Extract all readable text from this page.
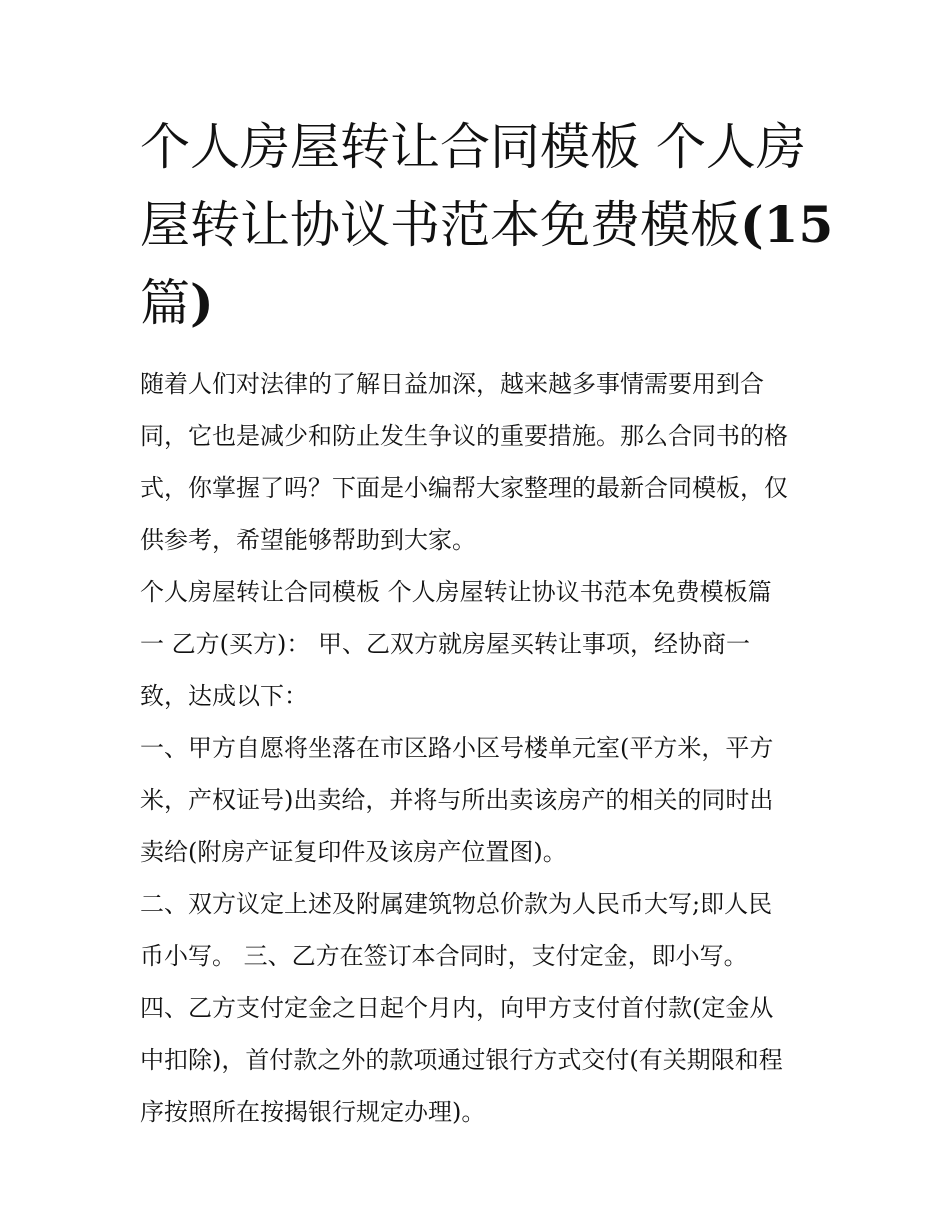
个人房屋转让合同模板 个人房
屋转让协议书范本免费模板(15
篇)
随着人们对法律的了解日益加深，越来越多事情需要用到合
同，它也是减少和防止发生争议的重要措施。那么合同书的格
式，你掌握了吗？下面是小编帮大家整理的最新合同模板，仅
供参考，希望能够帮助到大家。
个人房屋转让合同模板 个人房屋转让协议书范本免费模板篇
一 乙方(买方)： 甲、乙双方就房屋买转让事项，经协商一
致，达成以下：
一、甲方自愿将坐落在市区路小区号楼单元室(平方米，平方
米，产权证号)出卖给，并将与所出卖该房产的相关的同时出
卖给(附房产证复印件及该房产位置图)。
二、双方议定上述及附属建筑物总价款为人民币大写;即人民
币小写。 三、乙方在签订本合同时，支付定金，即小写。
四、乙方支付定金之日起个月内，向甲方支付首付款(定金从
中扣除)，首付款之外的款项通过银行方式交付(有关期限和程
序按照所在按揭银行规定办理)。
